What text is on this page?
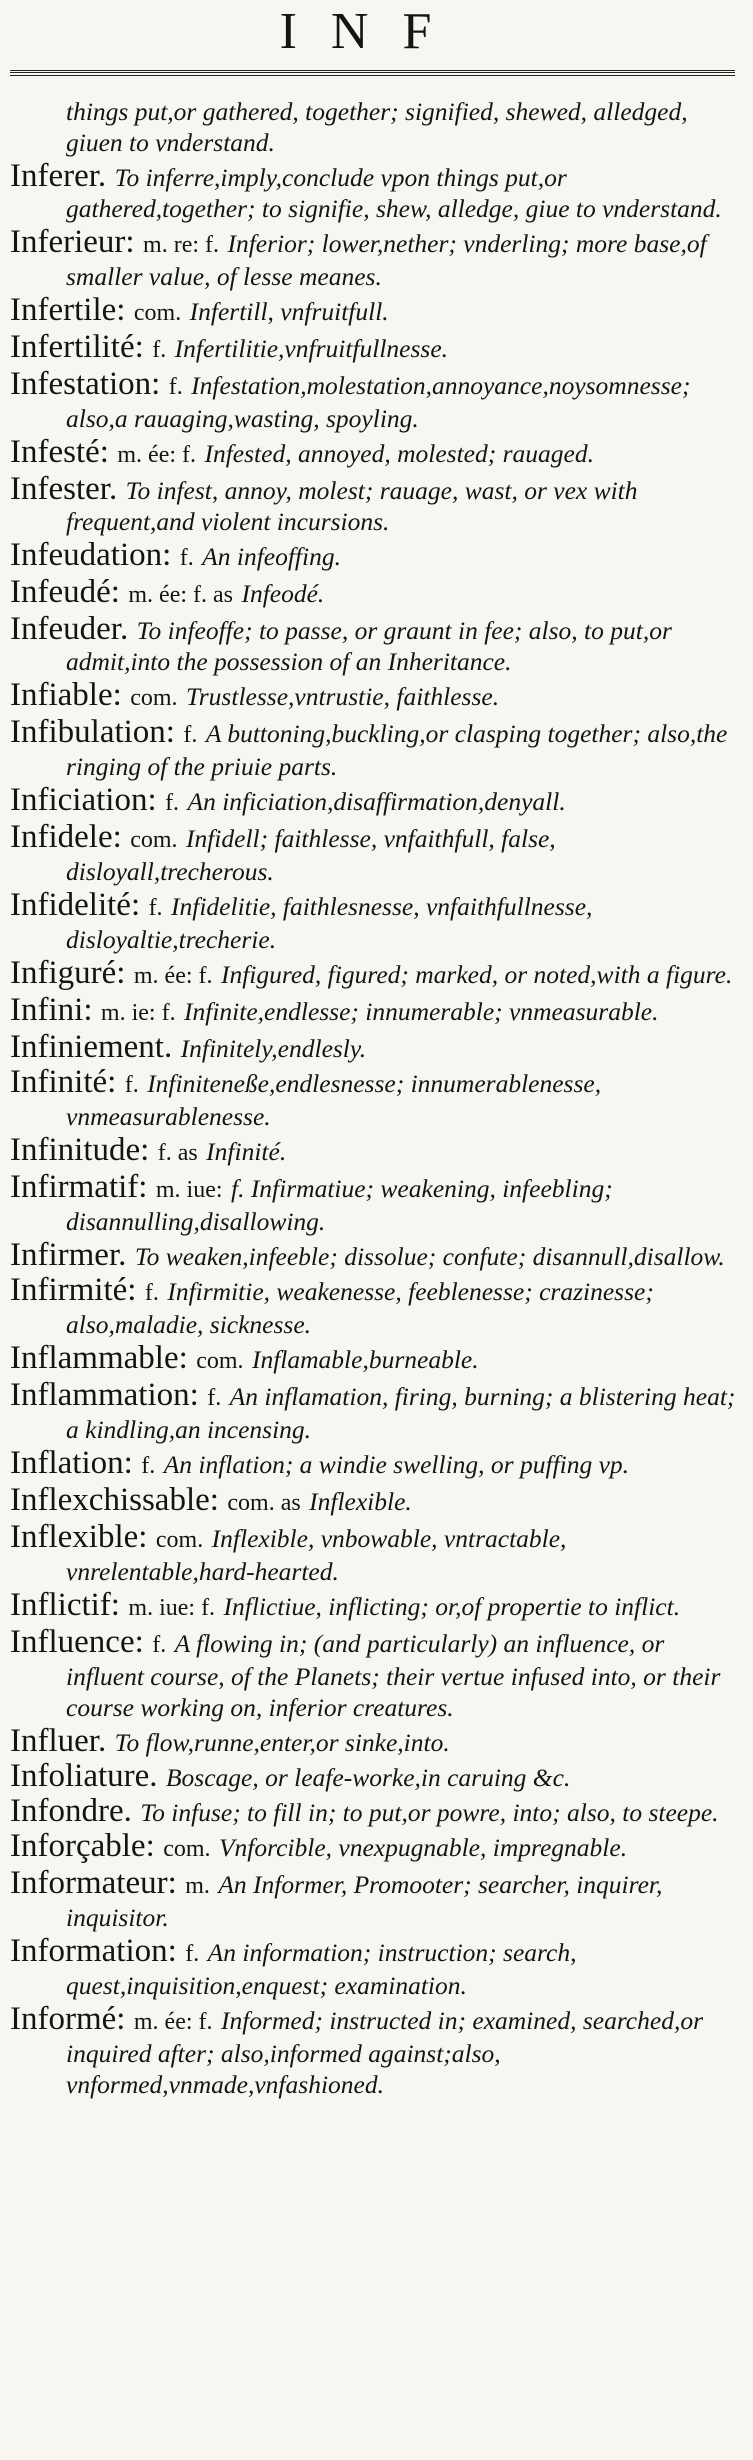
INF
things put,or gathered, together; signified, shewed, alledged, giuen to vnderstand.
Inferer. To inferre,imply,conclude vpon things put,or gathered,together; to signifie, shew, alledge, giue to vnderstand.
Inferieur: m. re: f. Inferior; lower,nether; vnderling; more base,of smaller value, of lesse meanes.
Infertile: com. Infertill, vnfruitfull.
Infertilité: f. Infertilitie,vnfruitfullnesse.
Infestation: f. Infestation,molestation,annoyance,noysomnesse; also,a rauaging,wasting, spoyling.
Infesté: m. ée: f. Infested, annoyed, molested; rauaged.
Infester. To infest, annoy, molest; rauage, wast, or vex with frequent,and violent incursions.
Infeudation: f. An infeoffing.
Infeudé: m. ée: f. as Infeodé.
Infeuder. To infeoffe; to passe, or graunt in fee; also, to put,or admit,into the possession of an Inheritance.
Infiable: com. Trustlesse,vntrustie, faithlesse.
Infibulation: f. A buttoning,buckling,or clasping together; also,the ringing of the priuie parts.
Inficiation: f. An inficiation,disaffirmation,denyall.
Infidele: com. Infidell; faithlesse, vnfaithfull, false, disloyall,trecherous.
Infidelité: f. Infidelitie, faithlesnesse, vnfaithfullnesse, disloyaltie,trecherie.
Infiguré: m. ée: f. Infigured, figured; marked, or noted,with a figure.
Infini: m. ie: f. Infinite,endlesse; innumerable; vnmeasurable.
Infiniement. Infinitely,endlesly.
Infinité: f. Infiniteneße,endlesnesse; innumerablenesse, vnmeasurablenesse.
Infinitude: f. as Infinité.
Infirmatif: m. iue: f. Infirmatiue; weakening, infeebling; disannulling,disallowing.
Infirmer. To weaken,infeeble; dissolue; confute; disannull,disallow.
Infirmité: f. Infirmitie, weakenesse, feeblenesse; crazinesse; also,maladie, sicknesse.
Inflammable: com. Inflamable,burneable.
Inflammation: f. An inflamation, firing, burning; a blistering heat; a kindling,an incensing.
Inflation: f. An inflation; a windie swelling, or puffing vp.
Inflexchissable: com. as Inflexible.
Inflexible: com. Inflexible, vnbowable, vntractable, vnrelentable,hard-hearted.
Inflictif: m. iue: f. Inflictiue, inflicting; or,of propertie to inflict.
Influence: f. A flowing in; (and particularly) an influence, or influent course, of the Planets; their vertue infused into, or their course working on, inferior creatures.
Influer. To flow,runne,enter,or sinke,into.
Infoliature. Boscage, or leafe-worke,in caruing &c.
Infondre. To infuse; to fill in; to put,or powre, into; also, to steepe.
Inforçable: com. Vnforcible, vnexpugnable, impregnable.
Informateur: m. An Informer, Promooter; searcher, inquirer, inquisitor.
Information: f. An information; instruction; search, quest,inquisition,enquest; examination.
Informé: m. ée: f. Informed; instructed in; examined, searched,or inquired after; also,informed against;also, vnformed,vnmade,vnfashioned.
